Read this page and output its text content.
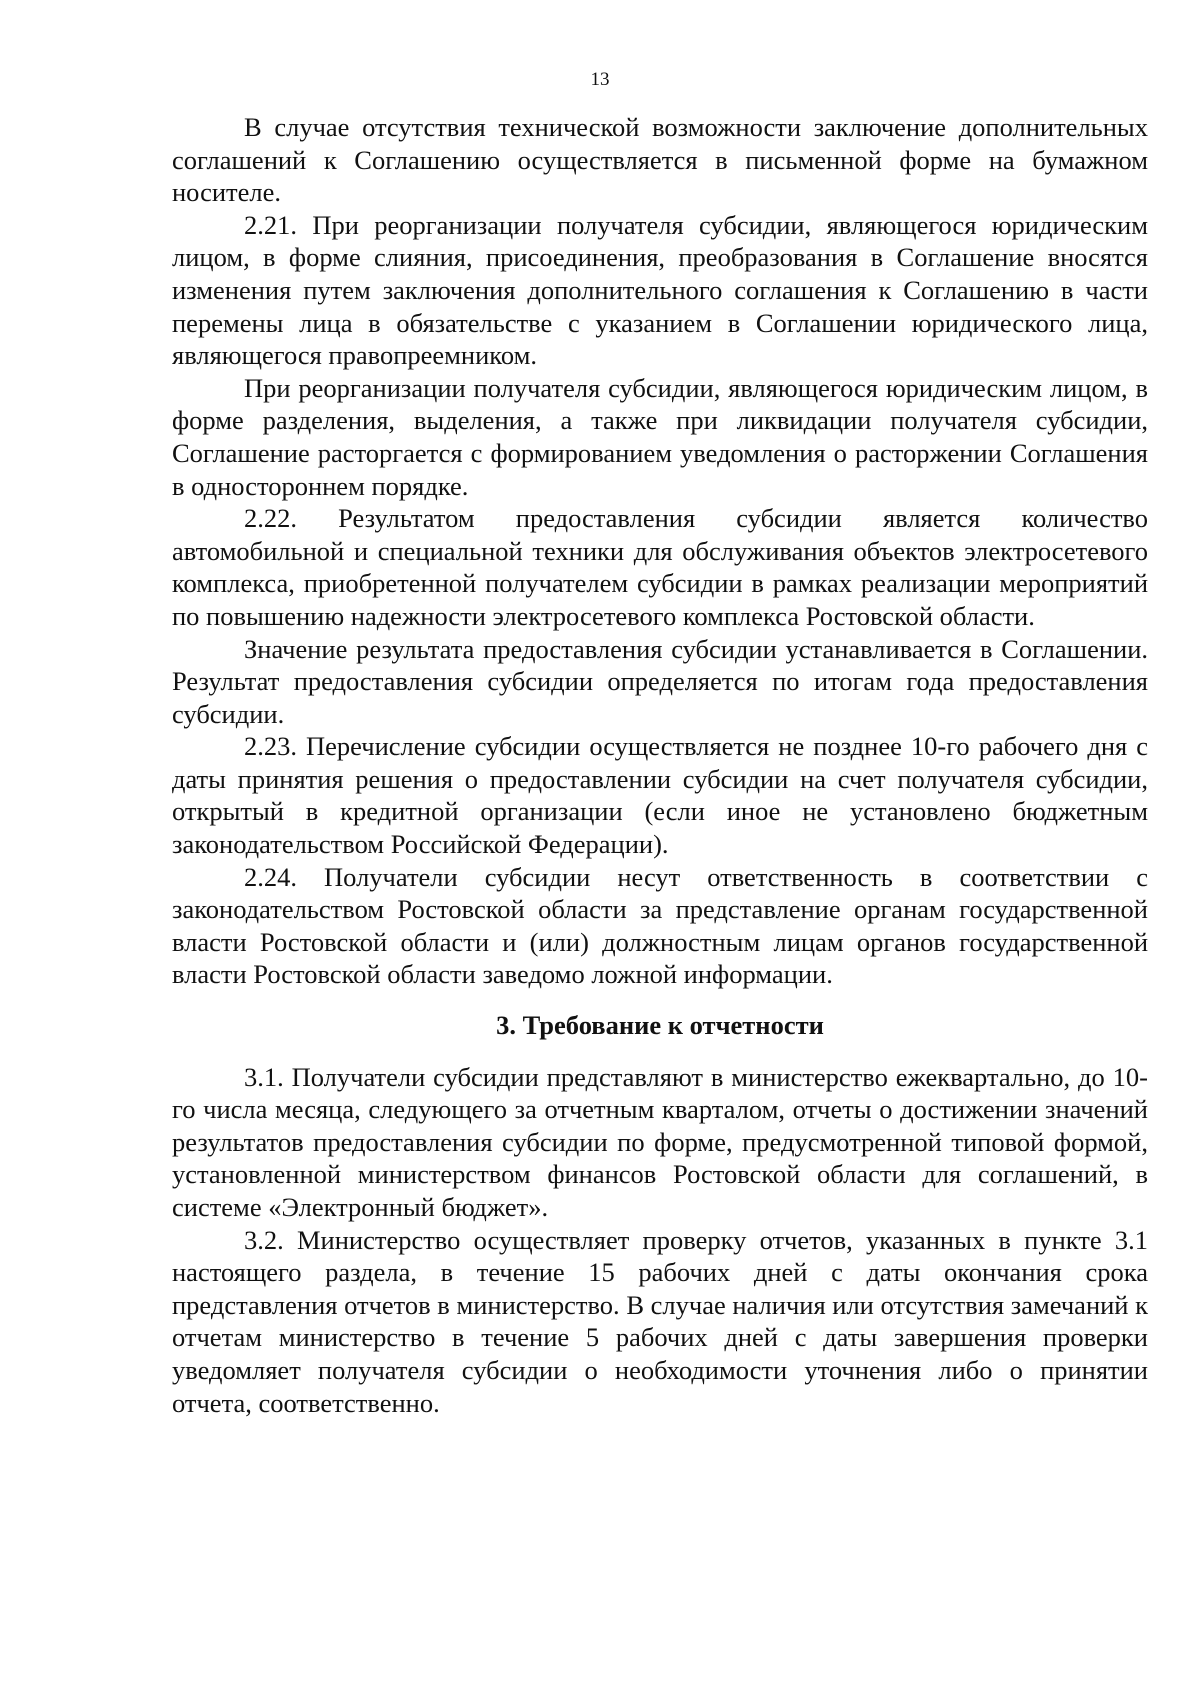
13

В случае отсутствия технической возможности заключение дополнительных соглашений к Соглашению осуществляется в письменной форме на бумажном носителе.

2.21. При реорганизации получателя субсидии, являющегося юридическим лицом, в форме слияния, присоединения, преобразования в Соглашение вносятся изменения путем заключения дополнительного соглашения к Соглашению в части перемены лица в обязательстве с указанием в Соглашении юридического лица, являющегося правопреемником.

При реорганизации получателя субсидии, являющегося юридическим лицом, в форме разделения, выделения, а также при ликвидации получателя субсидии, Соглашение расторгается с формированием уведомления о расторжении Соглашения в одностороннем порядке.

2.22. Результатом предоставления субсидии является количество автомобильной и специальной техники для обслуживания объектов электросетевого комплекса, приобретенной получателем субсидии в рамках реализации мероприятий по повышению надежности электросетевого комплекса Ростовской области.

Значение результата предоставления субсидии устанавливается в Соглашении. Результат предоставления субсидии определяется по итогам года предоставления субсидии.

2.23. Перечисление субсидии осуществляется не позднее 10-го рабочего дня с даты принятия решения о предоставлении субсидии на счет получателя субсидии, открытый в кредитной организации (если иное не установлено бюджетным законодательством Российской Федерации).

2.24. Получатели субсидии несут ответственность в соответствии с законодательством Ростовской области за представление органам государственной власти Ростовской области и (или) должностным лицам органов государственной власти Ростовской области заведомо ложной информации.

3. Требование к отчетности

3.1. Получатели субсидии представляют в министерство ежеквартально, до 10-го числа месяца, следующего за отчетным кварталом, отчеты о достижении значений результатов предоставления субсидии по форме, предусмотренной типовой формой, установленной министерством финансов Ростовской области для соглашений, в системе «Электронный бюджет».

3.2. Министерство осуществляет проверку отчетов, указанных в пункте 3.1 настоящего раздела, в течение 15 рабочих дней с даты окончания срока представления отчетов в министерство. В случае наличия или отсутствия замечаний к отчетам министерство в течение 5 рабочих дней с даты завершения проверки уведомляет получателя субсидии о необходимости уточнения либо о принятии отчета, соответственно.
